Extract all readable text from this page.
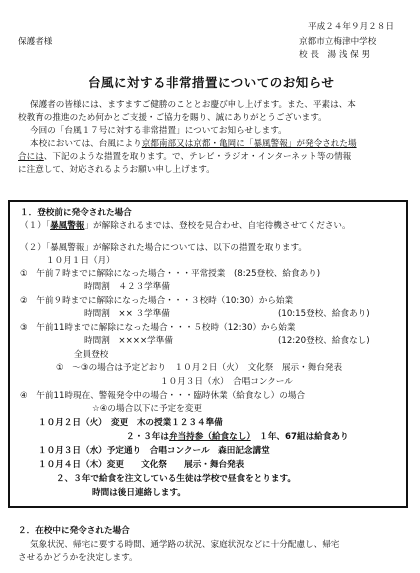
平成２４年９月２８日
保護者様	京都市立梅津中学校
校 長　湯 浅 保 男
台風に対する非常措置についてのお知らせ
保護者の皆様には、ますますご健勝のこととお慶び申し上げます。また、平素は、本
校教育の推進のため何かとご支援・ご協力を賜り、誠にありがとうございます。
今回の「台風１７号に対する非常措置」についてお知らせします。
本校においては、台風により京都南部又は京都・亀岡に「暴風警報」が発令された場
合には、下記のような措置を取ります。で、テレビ・ラジオ・インターネット等の情報
に注意して、対応されるようお願い申し上げます。
１．登校前に発令された場合
（１）「暴風警報」が解除されるまでは、登校を見合わせ、自宅待機させてください。
（２）「暴風警報」が解除された場合については、以下の措置を取ります。
１０月１日（月）
①　午前７時までに解除になった場合・・・平常授業　(8:25登校、給食あり)
時間割　４２３学準備
②　午前９時までに解除になった場合・・・３校時（10:30）から始業
時間割　×× ３学準備	(10:15登校、給食あり)
③　午前11時までに解除になった場合・・・５校時（12:30）から始業
時間割　××××学準備	(12:20登校、給食なし)
全員登校
①　～③の場合は予定どおり　１０月２日（火）　文化祭　展示・舞台発表
１０月３日（水）　合唱コンクール
④　午前11時現在、警報発令中の場合・・・臨時休業（給食なし）の場合
☆④の場合以下に予定を変更
１０月２日（火）　変更　木の授業１２３４準備
２・３年は弁当持参（給食なし）　 １年、67組は給食あり
１０月３日（水）予定通り　合唱コンクール　森田記念講堂
１０月４日（木）変更　　文化祭　　展示・舞台発表
２、３年で給食を注文している生徒は学校で昼食をとります。
時間は後日連絡します。
２．在校中に発令された場合
気象状況、帰宅に要する時間、通学路の状況、家庭状況などに十分配慮し、帰宅
させるかどうかを決定します。
